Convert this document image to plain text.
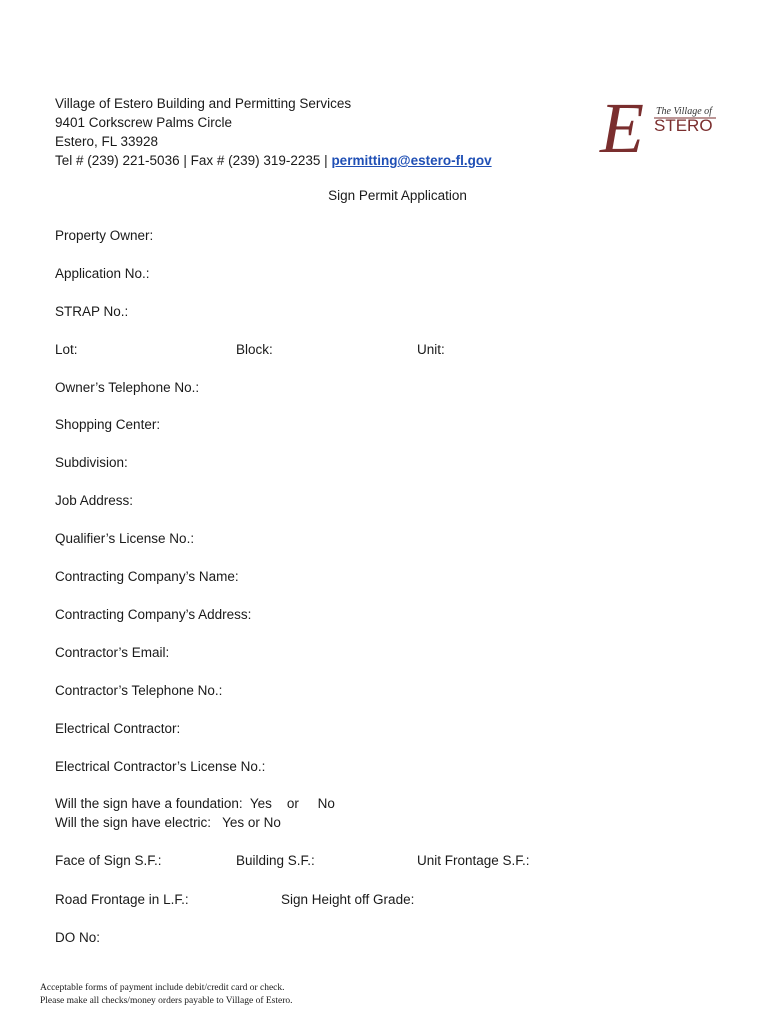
Village of Estero Building and Permitting Services
9401 Corkscrew Palms Circle
Estero, FL 33928
Tel # (239) 221-5036 | Fax # (239) 319-2235 | permitting@estero-fl.gov E The Village of
STERO
Sign Permit Application
Property Owner:
Application No.:
STRAP No.:
Lot:	Block:	Unit:
Owner’s Telephone No.:
Shopping Center:
Subdivision:
Job Address:
Qualifier’s License No.:
Contracting Company’s Name:
Contracting Company’s Address:
Contractor’s Email:
Contractor’s Telephone No.:
Electrical Contractor:
Electrical Contractor’s License No.:
Will the sign have a foundation:  Yes    or     No
Will the sign have electric:   Yes or No
Face of Sign S.F.:	Building S.F.:	Unit Frontage S.F.:
Road Frontage in L.F.:	Sign Height off Grade:
DO No:
Acceptable forms of payment include debit/credit card or check.
Please make all checks/money orders payable to Village of Estero.
